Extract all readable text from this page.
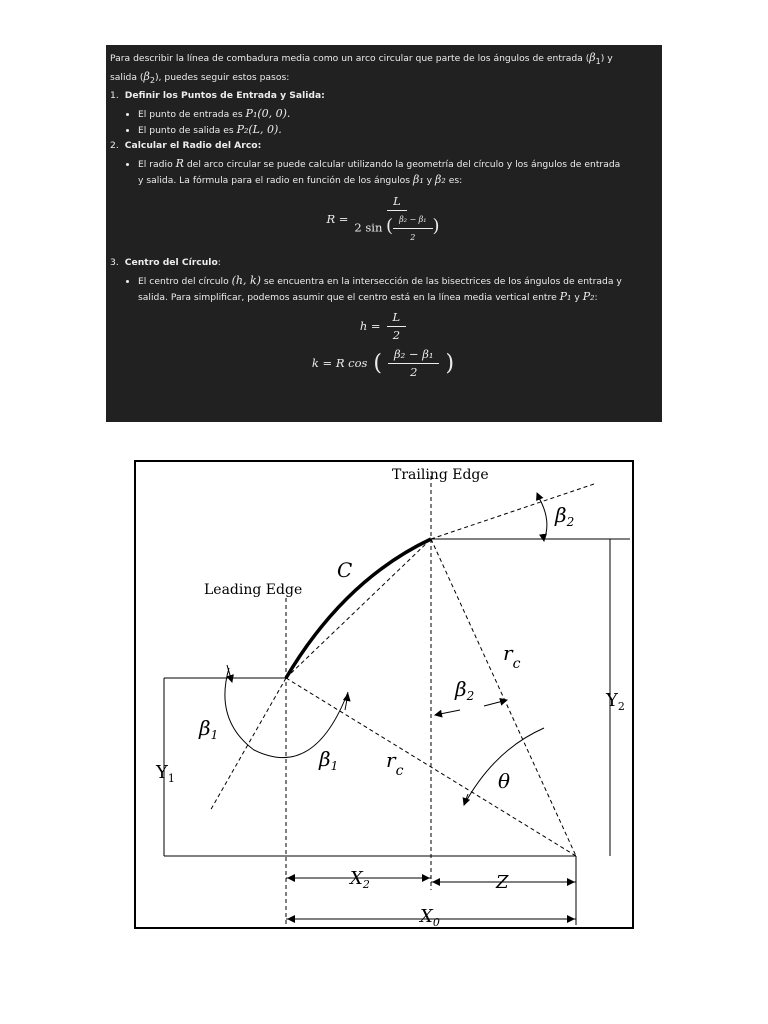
Para describir la línea de combadura media como un arco circular que parte de los ángulos de entrada $(\beta_1)$ y
salida $(\beta_2)$, puedes seguir estos pasos:

1. Definir los Puntos de Entrada y Salida:

• El punto de entrada es P₁(0, 0).
• El punto de salida es P₂(L, 0).

2. Calcular el Radio del Arco:

• El radio R del arco circular se puede calcular utilizando la geometría del círculo y los ángulos de entrada
y salida. La fórmula para el radio en función de los ángulos β₁ y β₂ es:
$R = \frac{L}{2 \sin ( \frac{\text{β₂ − β₁}}{2} )}$

3. Centro del Círculo:

• El centro del círculo (h, k) se encuentra en la intersección de las bisectrices de los ángulos de entrada y
salida. Para simplificar, podemos asumir que el centro está en la línea media vertical entre P₁ y P₂:
$h = \frac{L}{2}$
k = R cos ( $\frac{\text{β₂ − β₁}}{2}$ )
Trailing Edge
Leading Edge
C
$\beta_2$
$\beta_1$
$\beta_1$
$\beta_2$
$r_c$
$r_c$	θ
$Y_1$
$Y_2$
$X_2$	Z
$X_0$
